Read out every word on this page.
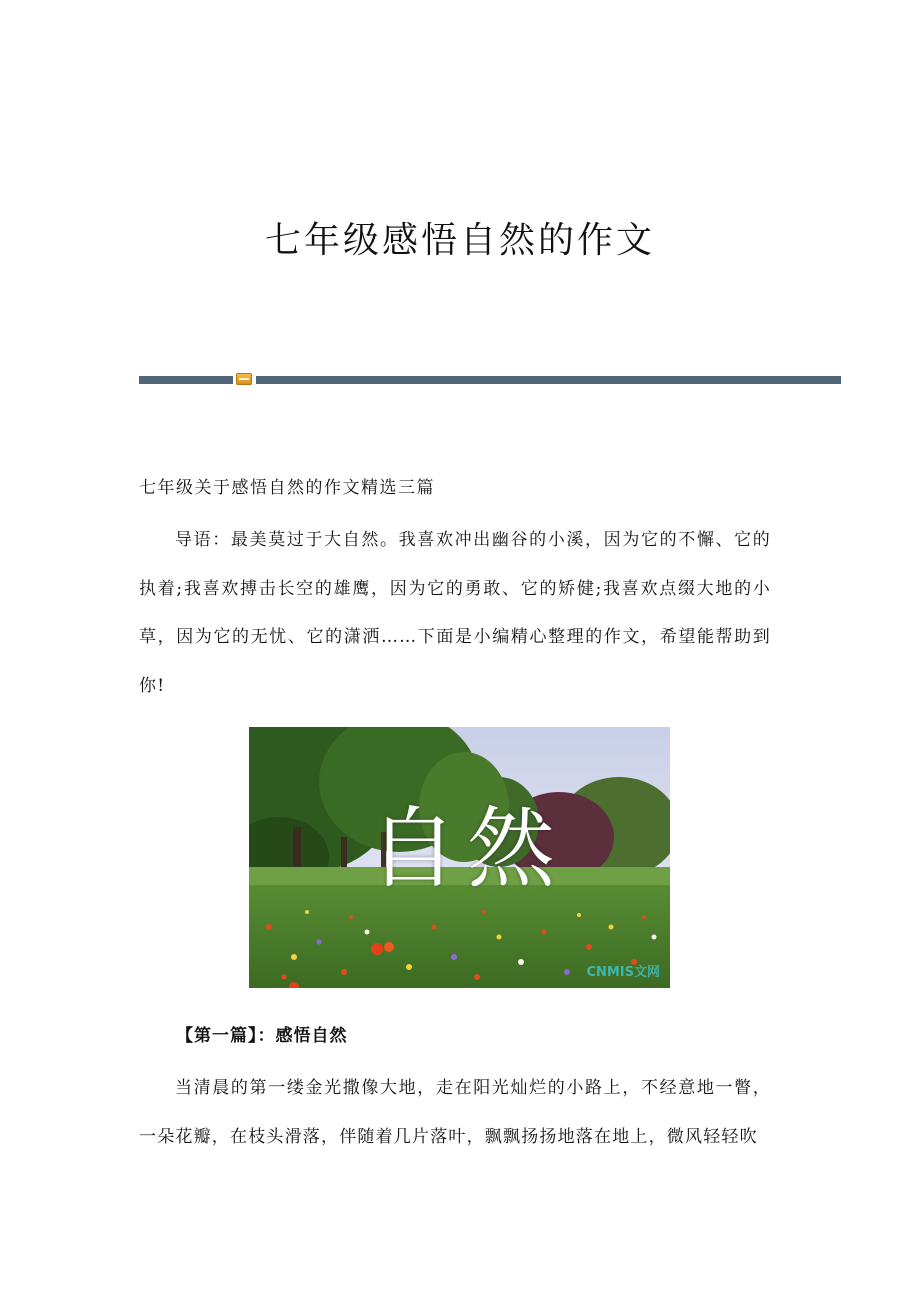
七年级感悟自然的作文
七年级关于感悟自然的作文精选三篇

导语：最美莫过于大自然。我喜欢冲出幽谷的小溪，因为它的不懈、它的执着;我喜欢搏击长空的雄鹰，因为它的勇敢、它的矫健;我喜欢点缀大地的小草，因为它的无忧、它的潇洒……下面是小编精心整理的作文，希望能帮助到你!

自然
CNMIS文网
【第一篇】：感悟自然

当清晨的第一缕金光撒像大地，走在阳光灿烂的小路上，不经意地一瞥，一朵花瓣，在枝头滑落，伴随着几片落叶，飘飘扬扬地落在地上，微风轻轻吹
